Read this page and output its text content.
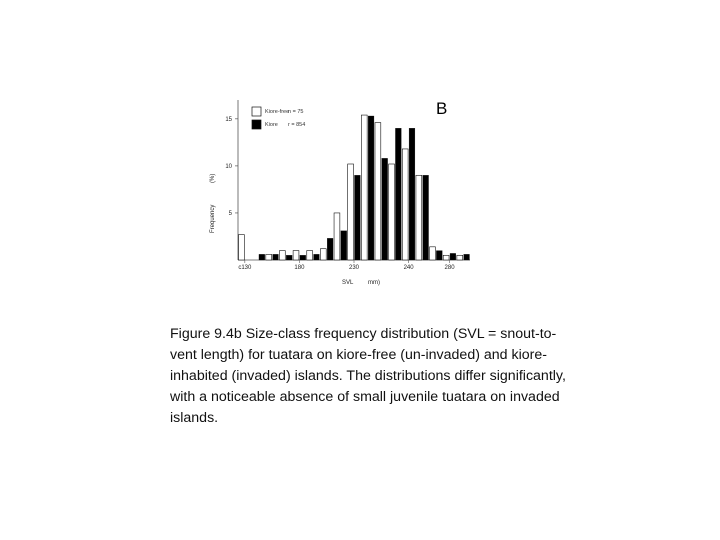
5
10
15
c130	180	230	240	280
Kiore-free
n = 75
Kiore r = 854
B
Frequency
(%)
SVL mm)
Figure 9.4b Size-class frequency distribution (SVL = snout-to-vent length) for tuatara on kiore-free (un-invaded) and kiore-inhabited (invaded) islands. The distributions differ significantly, with a noticeable absence of small juvenile tuatara on invaded islands.
